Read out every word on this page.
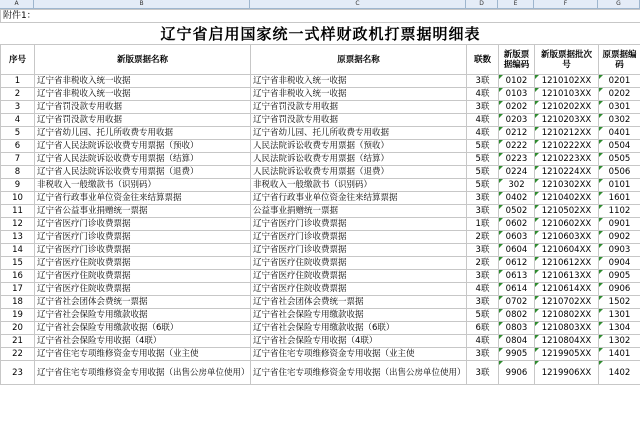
A	B	C	D	E	F	G
附件1：						
辽宁省启用国家统一式样财政机打票据明细表						
序号	新版票据名称	原票据名称	联数	新版票据编码	新版票据批次号	原票据编码
1	辽宁省非税收入统一收据	辽宁省非税收入统一收据	3联	0102	1210102XX	0201
2	辽宁省非税收入统一收据	辽宁省非税收入统一收据	4联	0103	1210103XX	0202
3	辽宁省罚没款专用收据	辽宁省罚没款专用收据	3联	0202	1210202XX	0301
4	辽宁省罚没款专用收据	辽宁省罚没款专用收据	4联	0203	1210203XX	0302
5	辽宁省幼儿园、托儿所收费专用收据	辽宁省幼儿园、托儿所收费专用收据	4联	0212	1210212XX	0401
6	辽宁省人民法院诉讼收费专用票据（预收）	人民法院诉讼收费专用票据（预收）	5联	0222	1210222XX	0504
7	辽宁省人民法院诉讼收费专用票据（结算）	人民法院诉讼收费专用票据（结算）	5联	0223	1210223XX	0505
8	辽宁省人民法院诉讼收费专用票据（退费）	人民法院诉讼收费专用票据（退费）	5联	0224	1210224XX	0506
9	非税收入一般缴款书（识别码）	非税收入一般缴款书（识别码）	5联	302	1210302XX	0101
10	辽宁省行政事业单位资金往来结算票据	辽宁省行政事业单位资金往来结算票据	3联	0402	1210402XX	1601
11	辽宁省公益事业捐赠统一票据	公益事业捐赠统一票据	3联	0502	1210502XX	1102
12	辽宁省医疗门诊收费票据	辽宁省医疗门诊收费票据	1联	0602	1210602XX	0901
13	辽宁省医疗门诊收费票据	辽宁省医疗门诊收费票据	2联	0603	1210603XX	0902
14	辽宁省医疗门诊收费票据	辽宁省医疗门诊收费票据	3联	0604	1210604XX	0903
15	辽宁省医疗住院收费票据	辽宁省医疗住院收费票据	2联	0612	1210612XX	0904
16	辽宁省医疗住院收费票据	辽宁省医疗住院收费票据	3联	0613	1210613XX	0905
17	辽宁省医疗住院收费票据	辽宁省医疗住院收费票据	4联	0614	1210614XX	0906
18	辽宁省社会团体会费统一票据	辽宁省社会团体会费统一票据	3联	0702	1210702XX	1502
19	辽宁省社会保险专用缴款收据	辽宁省社会保险专用缴款收据	5联	0802	1210802XX	1301
20	辽宁省社会保险专用缴款收据（6联）	辽宁省社会保险专用缴款收据（6联）	6联	0803	1210803XX	1304
21	辽宁省社会保险专用收据（4联）	辽宁省社会保险专用收据（4联）	4联	0804	1210804XX	1302
22	辽宁省住宅专项维修资金专用收据（业主使	辽宁省住宅专项维修资金专用收据（业主使	3联	9905	1219905XX	1401
23	辽宁省住宅专项维修资金专用收据（出售公房单位使用）	辽宁省住宅专项维修资金专用收据（出售公房单位使用）	3联	9906	1219906XX	1402
